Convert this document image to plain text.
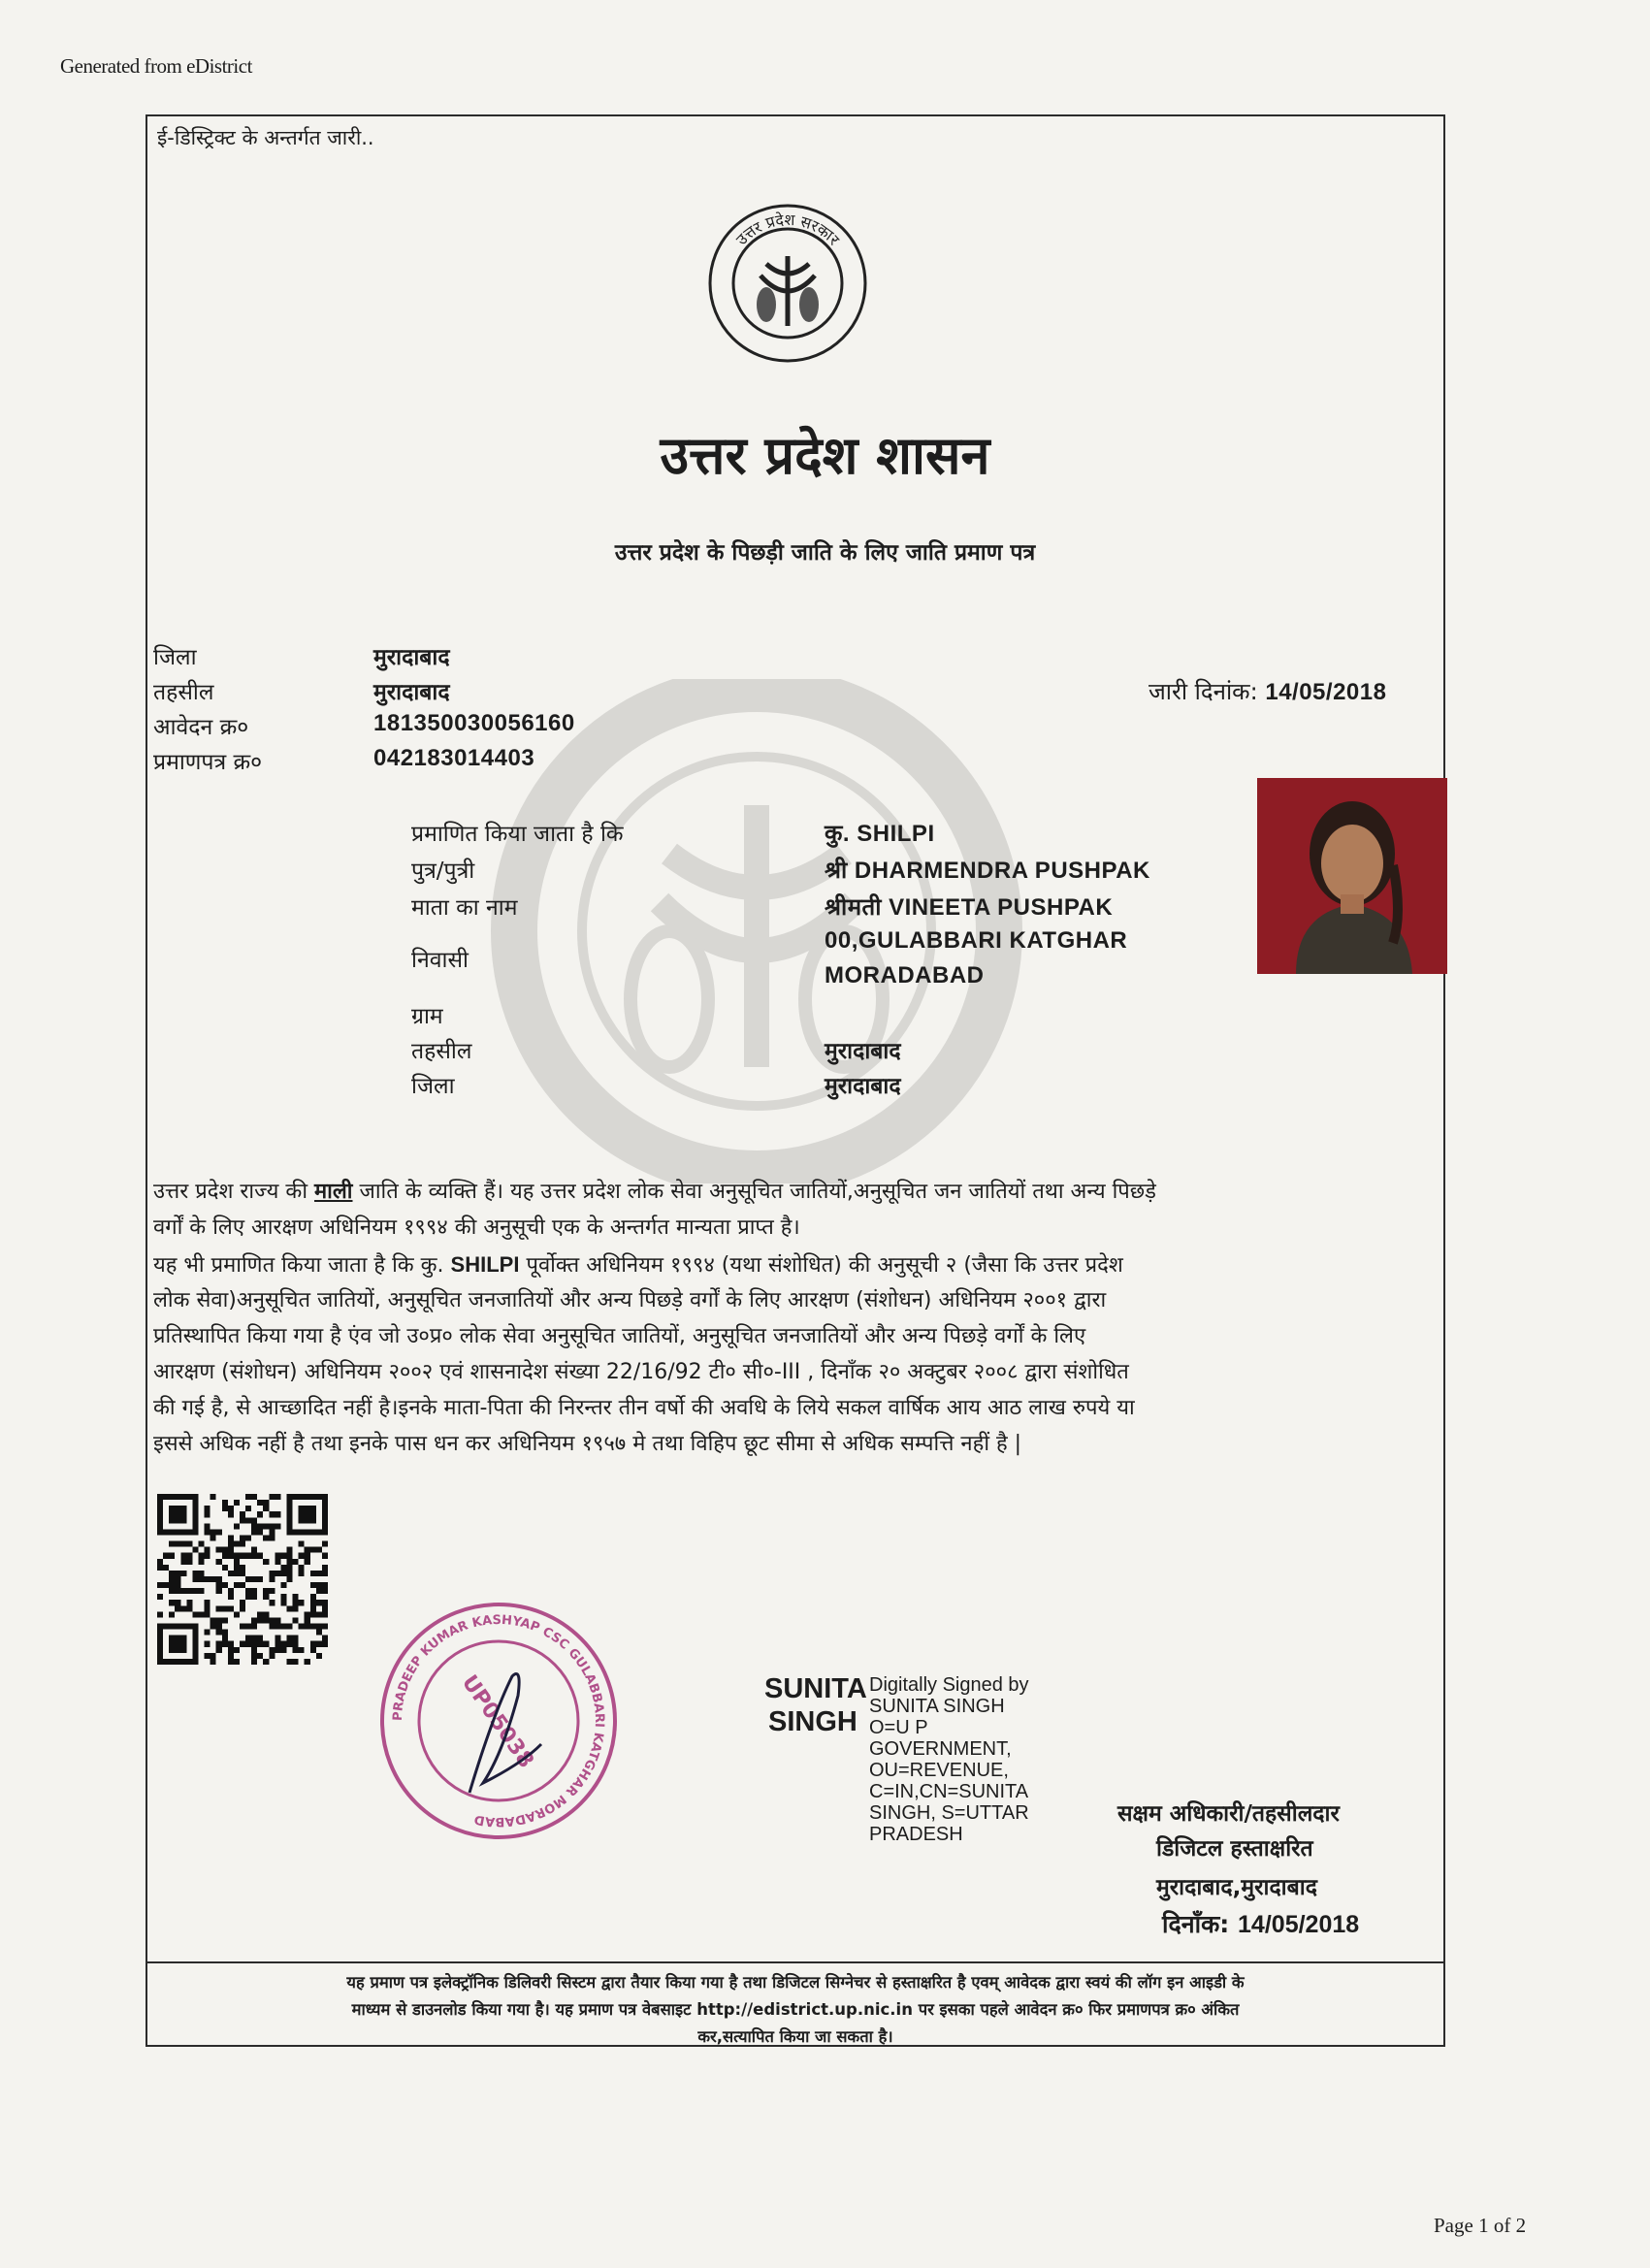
Generated from eDistrict
ई-डिस्ट्रिक्ट के अन्तर्गत जारी..
उत्तर प्रदेश सरकार
उत्तर प्रदेश शासन
उत्तर प्रदेश के पिछड़ी जाति के लिए जाति प्रमाण पत्र
जिला	मुरादाबाद
तहसील	मुरादाबाद
आवेदन क्र०	181350030056160
प्रमाणपत्र क्र०	042183014403
जारी दिनांक: 14/05/2018
प्रमाणित किया जाता है कि	कु. SHILPI
पुत्र/पुत्री	श्री DHARMENDRA PUSHPAK
माता का नाम	श्रीमती VINEETA PUSHPAK
निवासी
00,GULABBARI KATGHAR
MORADABAD
ग्राम
तहसील	मुरादाबाद
जिला	मुरादाबाद
उत्तर प्रदेश राज्य की माली जाति के व्यक्ति हैं। यह उत्तर प्रदेश लोक सेवा अनुसूचित जातियों,अनुसूचित जन जातियों तथा अन्य पिछड़े
वर्गों के लिए आरक्षण अधिनियम १९९४ की अनुसूची एक के अन्तर्गत मान्यता प्राप्त है।
यह भी प्रमाणित किया जाता है कि कु. SHILPI पूर्वोक्त अधिनियम १९९४ (यथा संशोधित) की अनुसूची २ (जैसा कि उत्तर प्रदेश
लोक सेवा)अनुसूचित जातियों, अनुसूचित जनजातियों और अन्य पिछड़े वर्गों के लिए आरक्षण (संशोधन) अधिनियम २००१ द्वारा
प्रतिस्थापित किया गया है एंव जो उ०प्र० लोक सेवा अनुसूचित जातियों, अनुसूचित जनजातियों और अन्य पिछड़े वर्गों के लिए
आरक्षण (संशोधन) अधिनियम २००२ एवं शासनादेश संख्या 22/16/92 टी० सी०-III , दिनाँक २० अक्टुबर २००८ द्वारा संशोधित
की गई है, से आच्छादित नहीं है।इनके माता-पिता की निरन्तर तीन वर्षो की अवधि के लिये सकल वार्षिक आय आठ लाख रुपये या
इससे अधिक नहीं है तथा इनके पास धन कर अधिनियम १९५७ मे तथा विहिप छूट सीमा से अधिक सम्पत्ति नहीं है |
PRADEEP KUMAR KASHYAP CSC GULABBARI KATGHAR MORADABAD
UP05038	SUNITA
SINGH
Digitally Signed by
SUNITA SINGH
O=U P
GOVERNMENT,
OU=REVENUE,
C=IN,CN=SUNITA
SINGH, S=UTTAR
PRADESH
सक्षम अधिकारी/तहसीलदार
डिजिटल हस्ताक्षरित
मुरादाबाद,मुरादाबाद
दिनाँक: 14/05/2018
यह प्रमाण पत्र इलेक्ट्रॉनिक डिलिवरी सिस्टम द्वारा तैयार किया गया है तथा डिजिटल सिग्नेचर से हस्ताक्षरित है एवम् आवेदक द्वारा स्वयं की लॉग इन आइडी के
माध्यम से डाउनलोड किया गया है। यह प्रमाण पत्र वेबसाइट http://edistrict.up.nic.in पर इसका पहले आवेदन क्र० फिर प्रमाणपत्र क्र० अंकित
कर,सत्यापित किया जा सकता है।
Page 1 of 2
